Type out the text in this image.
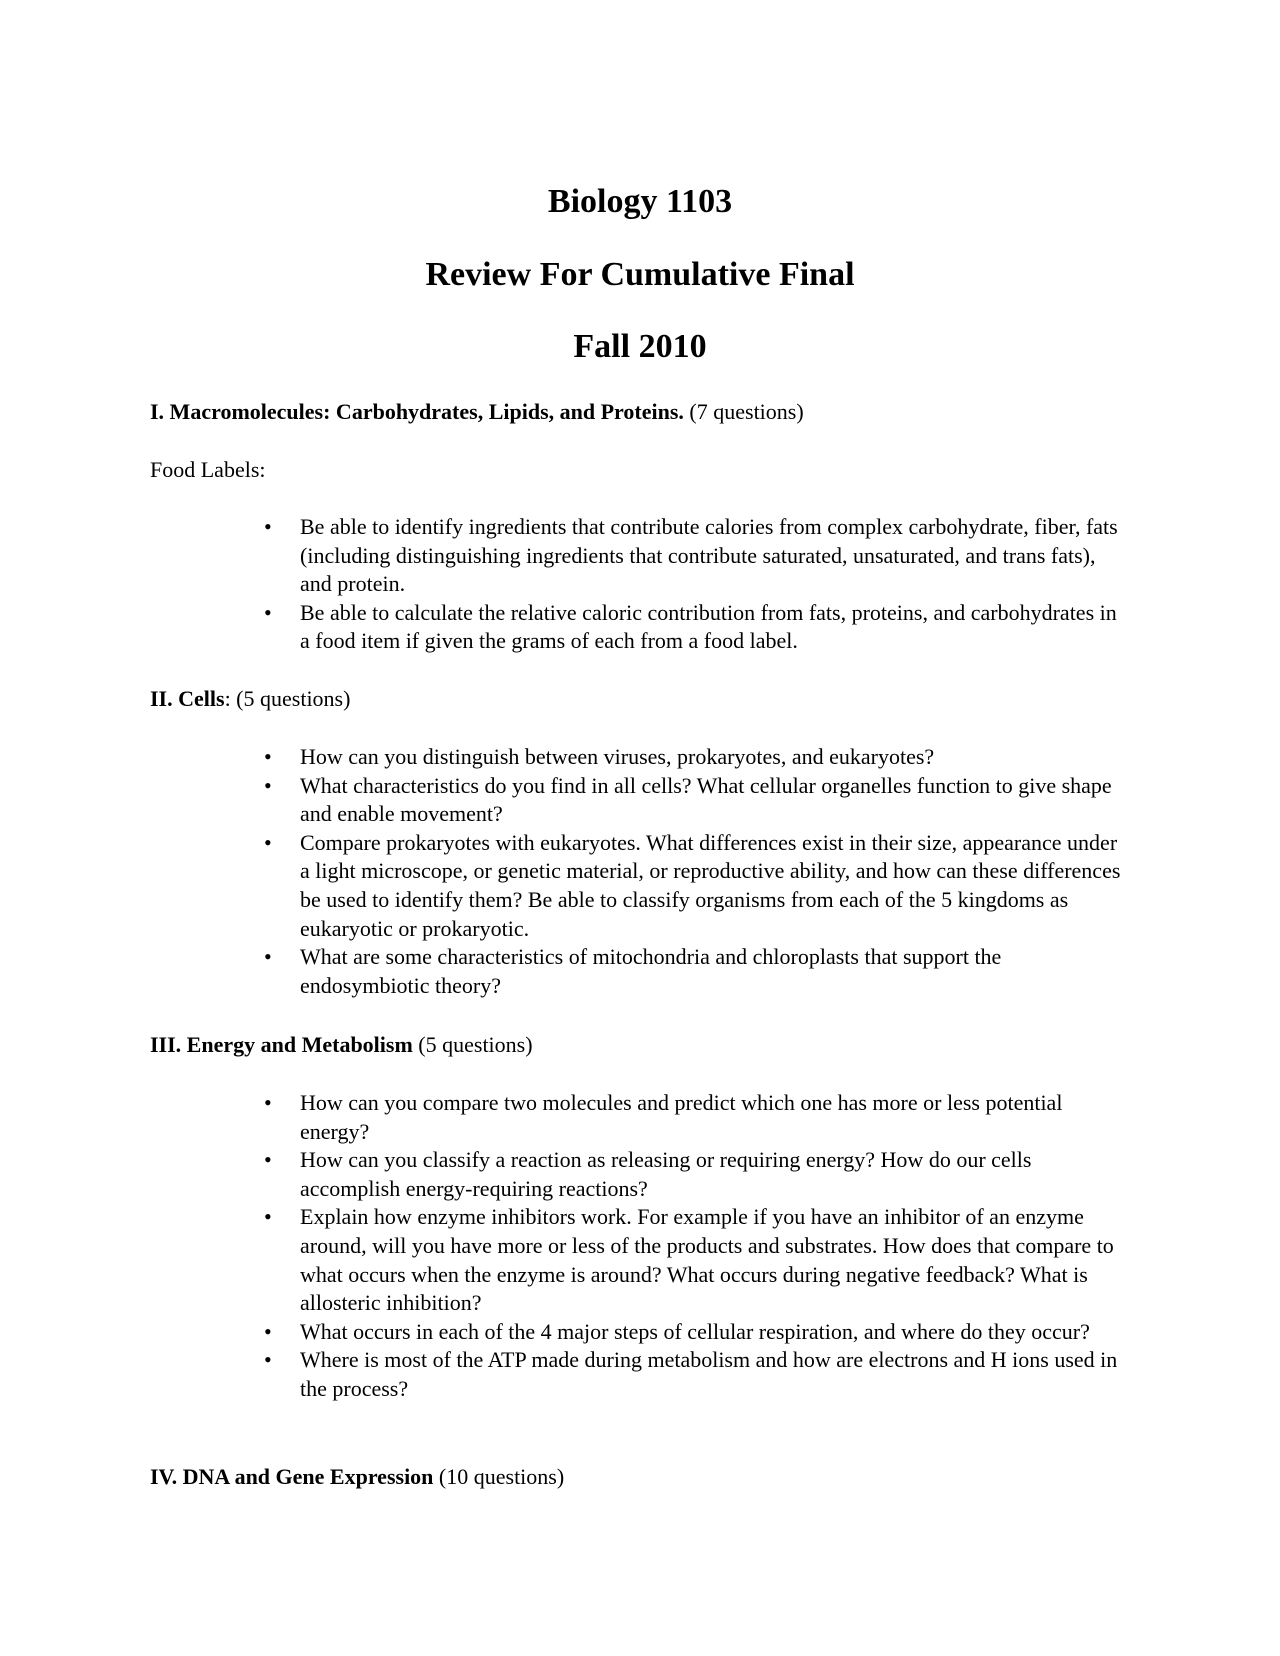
Biology 1103
Review For Cumulative Final
Fall 2010
I. Macromolecules: Carbohydrates, Lipids, and Proteins. (7 questions)
Food Labels:
• Be able to identify ingredients that contribute calories from complex carbohydrate, fiber, fats (including distinguishing ingredients that contribute saturated, unsaturated, and trans fats), and protein.
• Be able to calculate the relative caloric contribution from fats, proteins, and carbohydrates in a food item if given the grams of each from a food label.
II. Cells: (5 questions)
• How can you distinguish between viruses, prokaryotes, and eukaryotes?
• What characteristics do you find in all cells? What cellular organelles function to give shape and enable movement?
• Compare prokaryotes with eukaryotes. What differences exist in their size, appearance under a light microscope, or genetic material, or reproductive ability, and how can these differences be used to identify them? Be able to classify organisms from each of the 5 kingdoms as eukaryotic or prokaryotic.
• What are some characteristics of mitochondria and chloroplasts that support the endosymbiotic theory?
III. Energy and Metabolism (5 questions)
• How can you compare two molecules and predict which one has more or less potential energy?
• How can you classify a reaction as releasing or requiring energy? How do our cells accomplish energy-requiring reactions?
• Explain how enzyme inhibitors work. For example if you have an inhibitor of an enzyme around, will you have more or less of the products and substrates. How does that compare to what occurs when the enzyme is around? What occurs during negative feedback? What is allosteric inhibition?
• What occurs in each of the 4 major steps of cellular respiration, and where do they occur?
• Where is most of the ATP made during metabolism and how are electrons and H ions used in the process?
IV. DNA and Gene Expression (10 questions)
